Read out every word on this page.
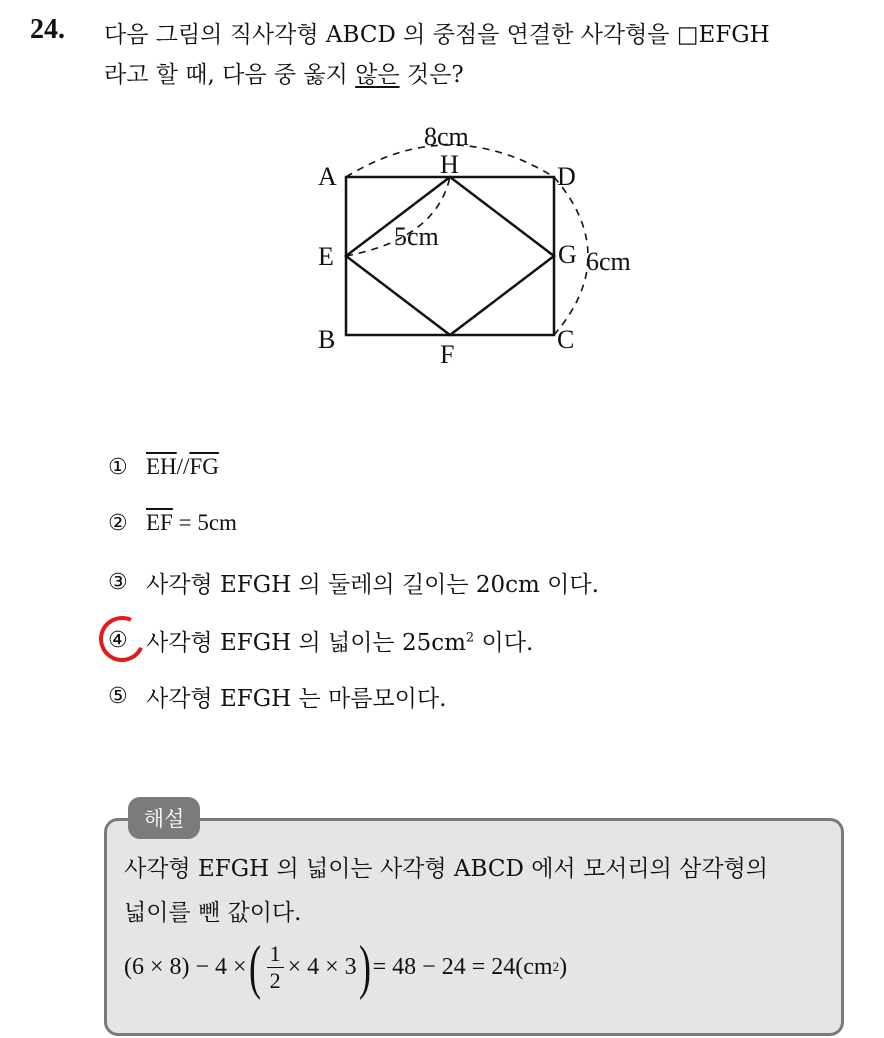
24. 다음 그림의 직사각형 ABCD 의 중점을 연결한 사각형을 □EFGH
라고 할 때, 다음 중 옳지 않은 것은?
A	H	D
E	G
B
F
C
8cm
6cm
5cm
① $\overline{EH}//\overline{FG}$
② $\overline{EF} = 5cm$
③ 사각형 EFGH 의 둘레의 길이는 20cm 이다.
④ 사각형 EFGH 의 넓이는 $25cm^2$ 이다.
⑤ 사각형 EFGH 는 마름모이다.
해설
사각형 EFGH 의 넓이는 사각형 ABCD 에서 모서리의 삼각형의
넓이를 뺀 값이다.
(6 × 8) − 4 × ( $\frac{1}{2} \times 4 \times 3$ ) = 48 − 24 = 24(cm 2 )
